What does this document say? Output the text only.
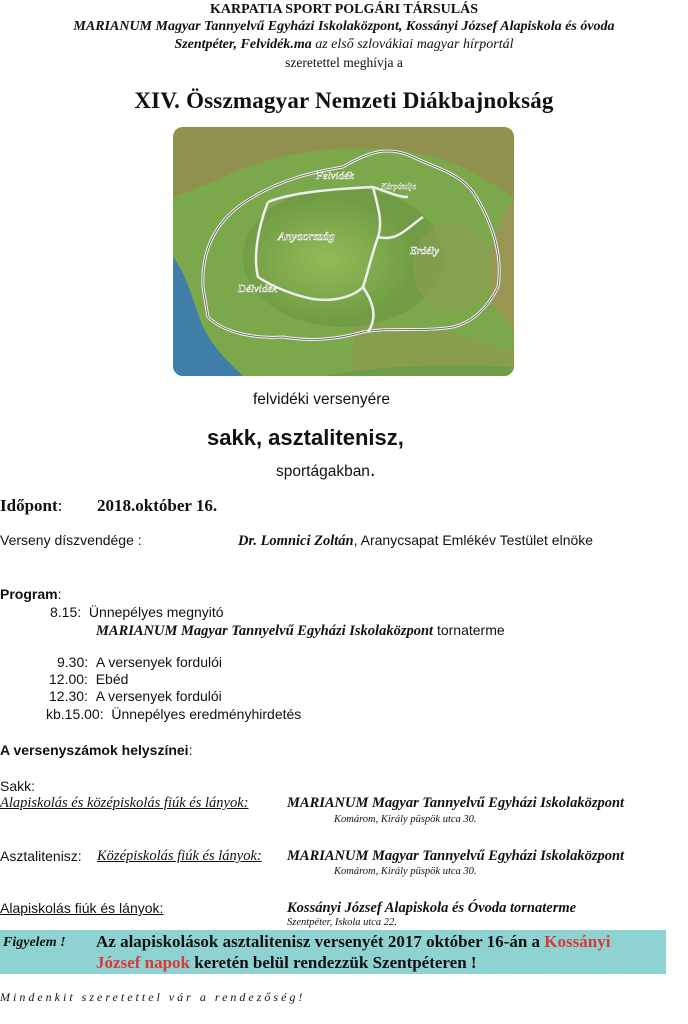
KARPATIA SPORT POLGÁRI TÁRSULÁS
MARIANUM Magyar Tannyelvű Egyházi Iskolaközpont, Kossányi József Alapiskola és óvoda
Szentpéter, Felvidék.ma az első szlovákiai magyar hírportál
szeretettel meghívja a
XIV. Összmagyar Nemzeti Diákbajnokság
Felvidék
Kárpátalja
Anyaország
Erdély
Délvidék
felvidéki versenyére
sakk, asztalitenisz,
sportágakban.
Időpont: 2018.október 16.
Verseny díszvendége :	Dr. Lomnici Zoltán, Aranycsapat Emlékév Testület elnöke
Program:
8.15: Ünnepélyes megnyitó
MARIANUM Magyar Tannyelvű Egyházi Iskolaközpont tornaterme
9.30: A versenyek fordulói
12.00: Ebéd
12.30: A versenyek fordulói
kb.15.00: Ünnepélyes eredményhirdetés
A versenyszámok helyszínei:
Sakk:
Alapiskolás és középiskolás fiúk és lányok:	MARIANUM Magyar Tannyelvű Egyházi Iskolaközpont
Komárom, Király püspök utca 30.
Asztalitenisz: Középiskolás fiúk és lányok: MARIANUM Magyar Tannyelvű Egyházi Iskolaközpont
Komárom, Király püspök utca 30.
Alapiskolás fiúk és lányok:	Kossányi József Alapiskola és Óvoda tornaterme
Szentpéter, Iskola utca 22.
Figyelem ! Az alapiskolások asztalitenisz versenyét 2017 október 16-án a Kossányi
József napok keretén belül rendezzük Szentpéteren !
Mindenkit szeretettel vár a rendezőség!
